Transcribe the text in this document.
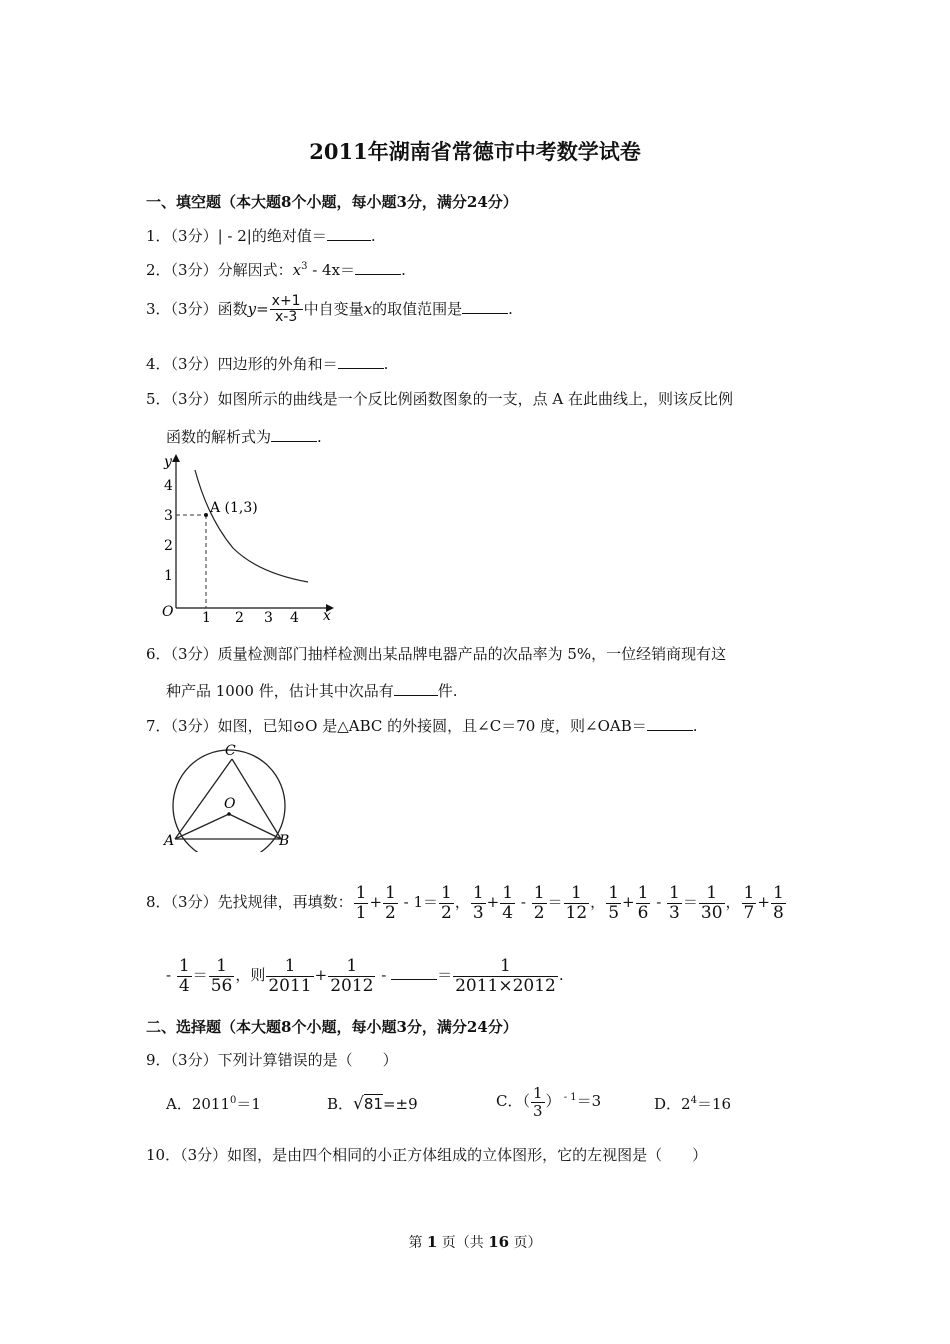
2011年湖南省常德市中考数学试卷
一、填空题（本大题8个小题，每小题3分，满分24分）
1．（3分）| - 2|的绝对值＝	.
2．（3分）分解因式：$x^3 - 4x=$	.
3．（3分）函数$y= \frac{x+1}{x-3}$ 中自变量x的取值范围是	.
4．（3分）四边形的外角和＝	.
5．（3分）如图所示的曲线是一个反比例函数图象的一支，点 A 在此曲线上，则该反比例
函数的解析式为	.
y
x
O
A (1,3)
1
2
3
4
1 2 3 4
6．（3分）质量检测部门抽样检测出某品牌电器产品的次品率为 5%，一位经销商现有这
种产品 1000 件，估计其中次品有	件.
7．（3分）如图，已知⊙O 是△ABC 的外接圆，且∠C＝70 度，则∠OAB＝	.
A	B
C
O
8．（3分）先找规律，再填数： $\frac{1}{1} + \frac{1}{2} - 1= \frac{1}{2}$ ， $\frac{1}{3} + \frac{1}{4} - \frac{1}{2} = \frac{1}{12}$ ， $\frac{1}{5} + \frac{1}{6} - \frac{1}{3} = \frac{1}{30}$ ， $\frac{1}{7} + \frac{1}{8}$
- $\frac{1}{4} = \frac{1}{56}$ ，则 $\frac{1}{2011} + \frac{1}{2012}$ -	＝ $\frac{1}{2011\times 2012}$ .
二、选择题（本大题8个小题，每小题3分，满分24分）
9．（3分）下列计算错误的是（　　）
A．$2011^0=1$	B．√81=±9	C．（ $\frac{1}{3}$ ） $^{- 1}$＝3	D．$2^4=16$
10．（3分）如图，是由四个相同的小正方体组成的立体图形，它的左视图是（　　）
第 1 页（共 16 页）
